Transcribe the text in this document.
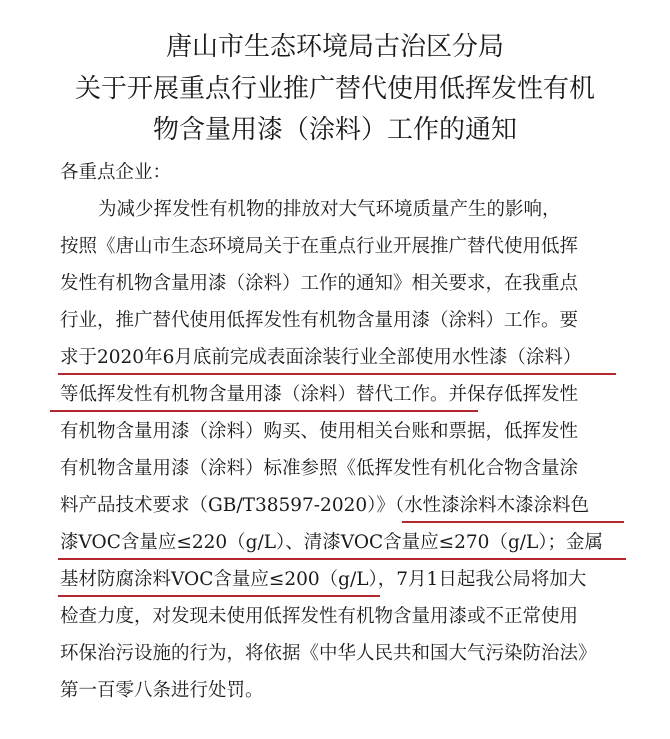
唐山市生态环境局古治区分局
关于开展重点行业推广替代使用低挥发性有机
物含量用漆（涂料）工作的通知
各重点企业：
为减少挥发性有机物的排放对大气环境质量产生的影响，
按照《唐山市生态环境局关于在重点行业开展推广替代使用低挥
发性有机物含量用漆（涂料）工作的通知》相关要求，在我重点
行业，推广替代使用低挥发性有机物含量用漆（涂料）工作。要
求于2020年6月底前完成表面涂装行业全部使用水性漆（涂料）
等低挥发性有机物含量用漆（涂料）替代工作。并保存低挥发性
有机物含量用漆（涂料）购买、使用相关台账和票据，低挥发性
有机物含量用漆（涂料）标准参照《低挥发性有机化合物含量涂
料产品技术要求（GB/T38597-2020）》（水性漆涂料木漆涂料色
漆VOC含量应≤220（g/L）、清漆VOC含量应≤270（g/L）；金属
基材防腐涂料VOC含量应≤200（g/L），7月1日起我公局将加大
检查力度，对发现未使用低挥发性有机物含量用漆或不正常使用
环保治污设施的行为，将依据《中华人民共和国大气污染防治法》
第一百零八条进行处罚。
